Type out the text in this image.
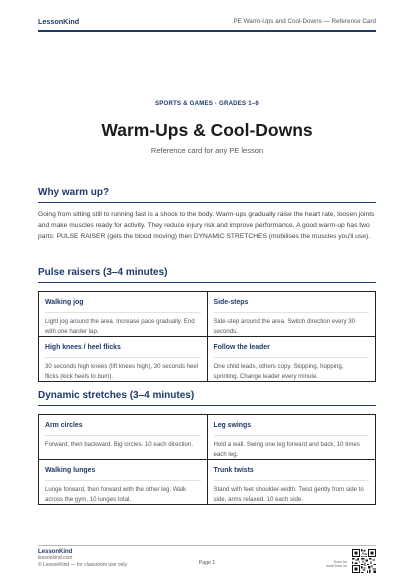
LessonKind	PE Warm-Ups and Cool-Downs — Reference Card
SPORTS & GAMES · GRADES 1–6
Warm-Ups & Cool-Downs
Reference card for any PE lesson
Why warm up?
Going from sitting still to running fast is a shock to the body. Warm-ups gradually raise the heart rate, loosen joints and make muscles ready for activity. They reduce injury risk and improve performance. A good warm-up has two parts: PULSE RAISER (gets the blood moving) then DYNAMIC STRETCHES (mobilises the muscles you'll use).
Pulse raisers (3–4 minutes)
Walking jog
Light jog around the area. Increase pace gradually. End with one harder lap.
Side-steps
Side-step around the area. Switch direction every 30 seconds.
High knees / heel flicks
30 seconds high knees (lift knees high), 30 seconds heel flicks (kick heels to bum).
Follow the leader
One child leads, others copy. Skipping, hopping, sprinting. Change leader every minute.
Dynamic stretches (3–4 minutes)
Arm circles
Forward, then backward. Big circles. 10 each direction.
Leg swings
Hold a wall. Swing one leg forward and back, 10 times each leg.
Walking lunges
Lunge forward, then forward with the other leg. Walk across the gym, 10 lunges total.
Trunk twists
Stand with feet shoulder-width. Twist gently from side to side, arms relaxed. 10 each side.
LessonKind
lessonkind.com
© LessonKind — for classroom use only	Page 1	Scan for
more from us
